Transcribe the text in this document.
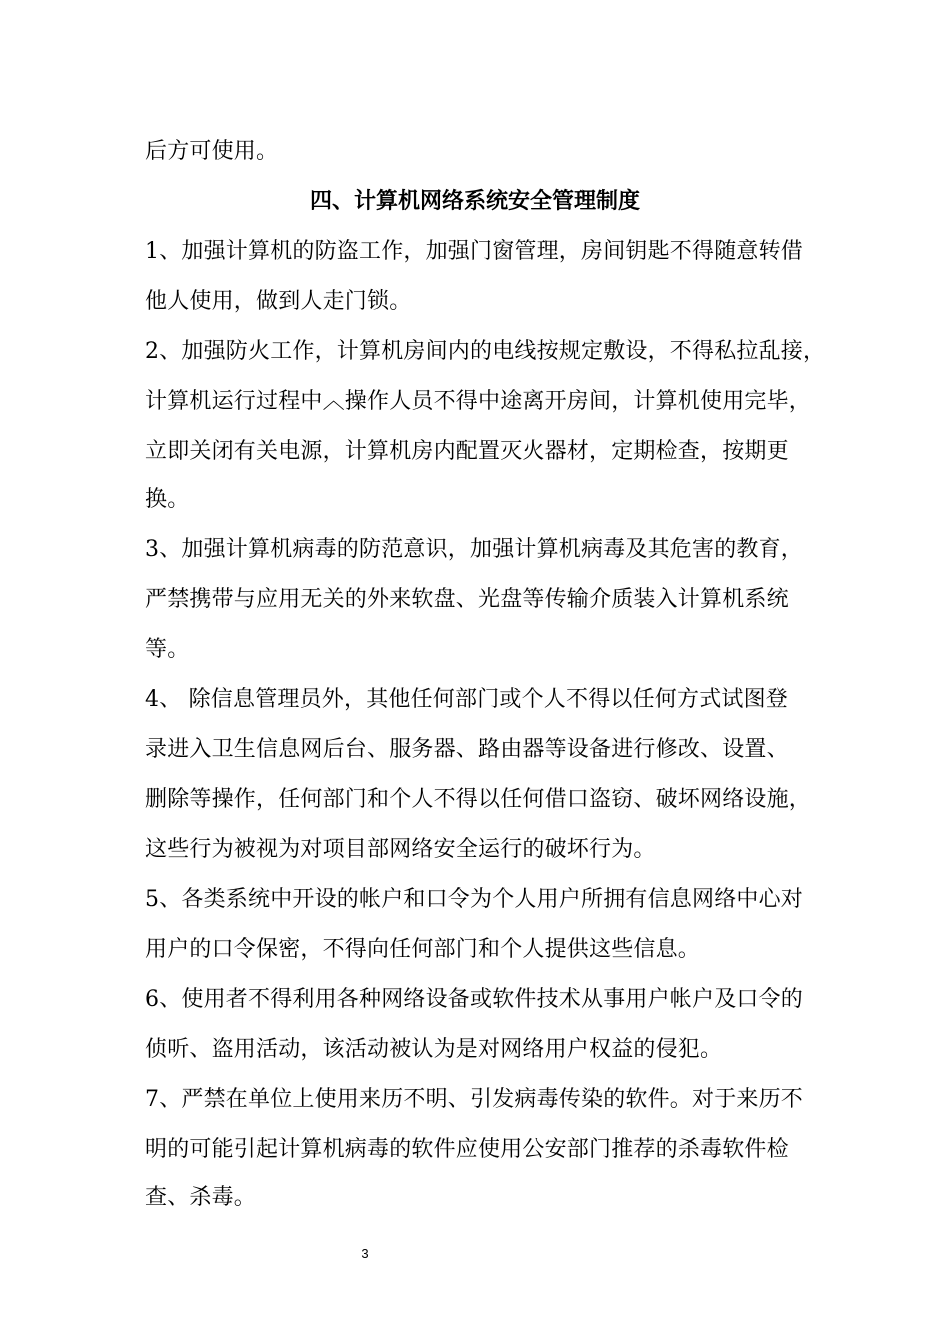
后方可使用。
四、计算机网络系统安全管理制度
1、加强计算机的防盗工作，加强门窗管理，房间钥匙不得随意转借
他人使用，做到人走门锁。
2、加强防火工作，计算机房间内的电线按规定敷设，不得私拉乱接，
计算机运行过程中︿操作人员不得中途离开房间，计算机使用完毕，
立即关闭有关电源，计算机房内配置灭火器材，定期检查，按期更
换。
3、加强计算机病毒的防范意识，加强计算机病毒及其危害的教育，
严禁携带与应用无关的外来软盘、光盘等传输介质装入计算机系统
等。
4、 除信息管理员外，其他任何部门或个人不得以任何方式试图登
录进入卫生信息网后台、服务器、路由器等设备进行修改、设置、
删除等操作，任何部门和个人不得以任何借口盗窃、破坏网络设施，
这些行为被视为对项目部网络安全运行的破坏行为。
5、各类系统中开设的帐户和口令为个人用户所拥有信息网络中心对
用户的口令保密，不得向任何部门和个人提供这些信息。
6、使用者不得利用各种网络设备或软件技术从事用户帐户及口令的
侦听、盗用活动，该活动被认为是对网络用户权益的侵犯。
7、严禁在单位上使用来历不明、引发病毒传染的软件。对于来历不
明的可能引起计算机病毒的软件应使用公安部门推荐的杀毒软件检
查、杀毒。
3
